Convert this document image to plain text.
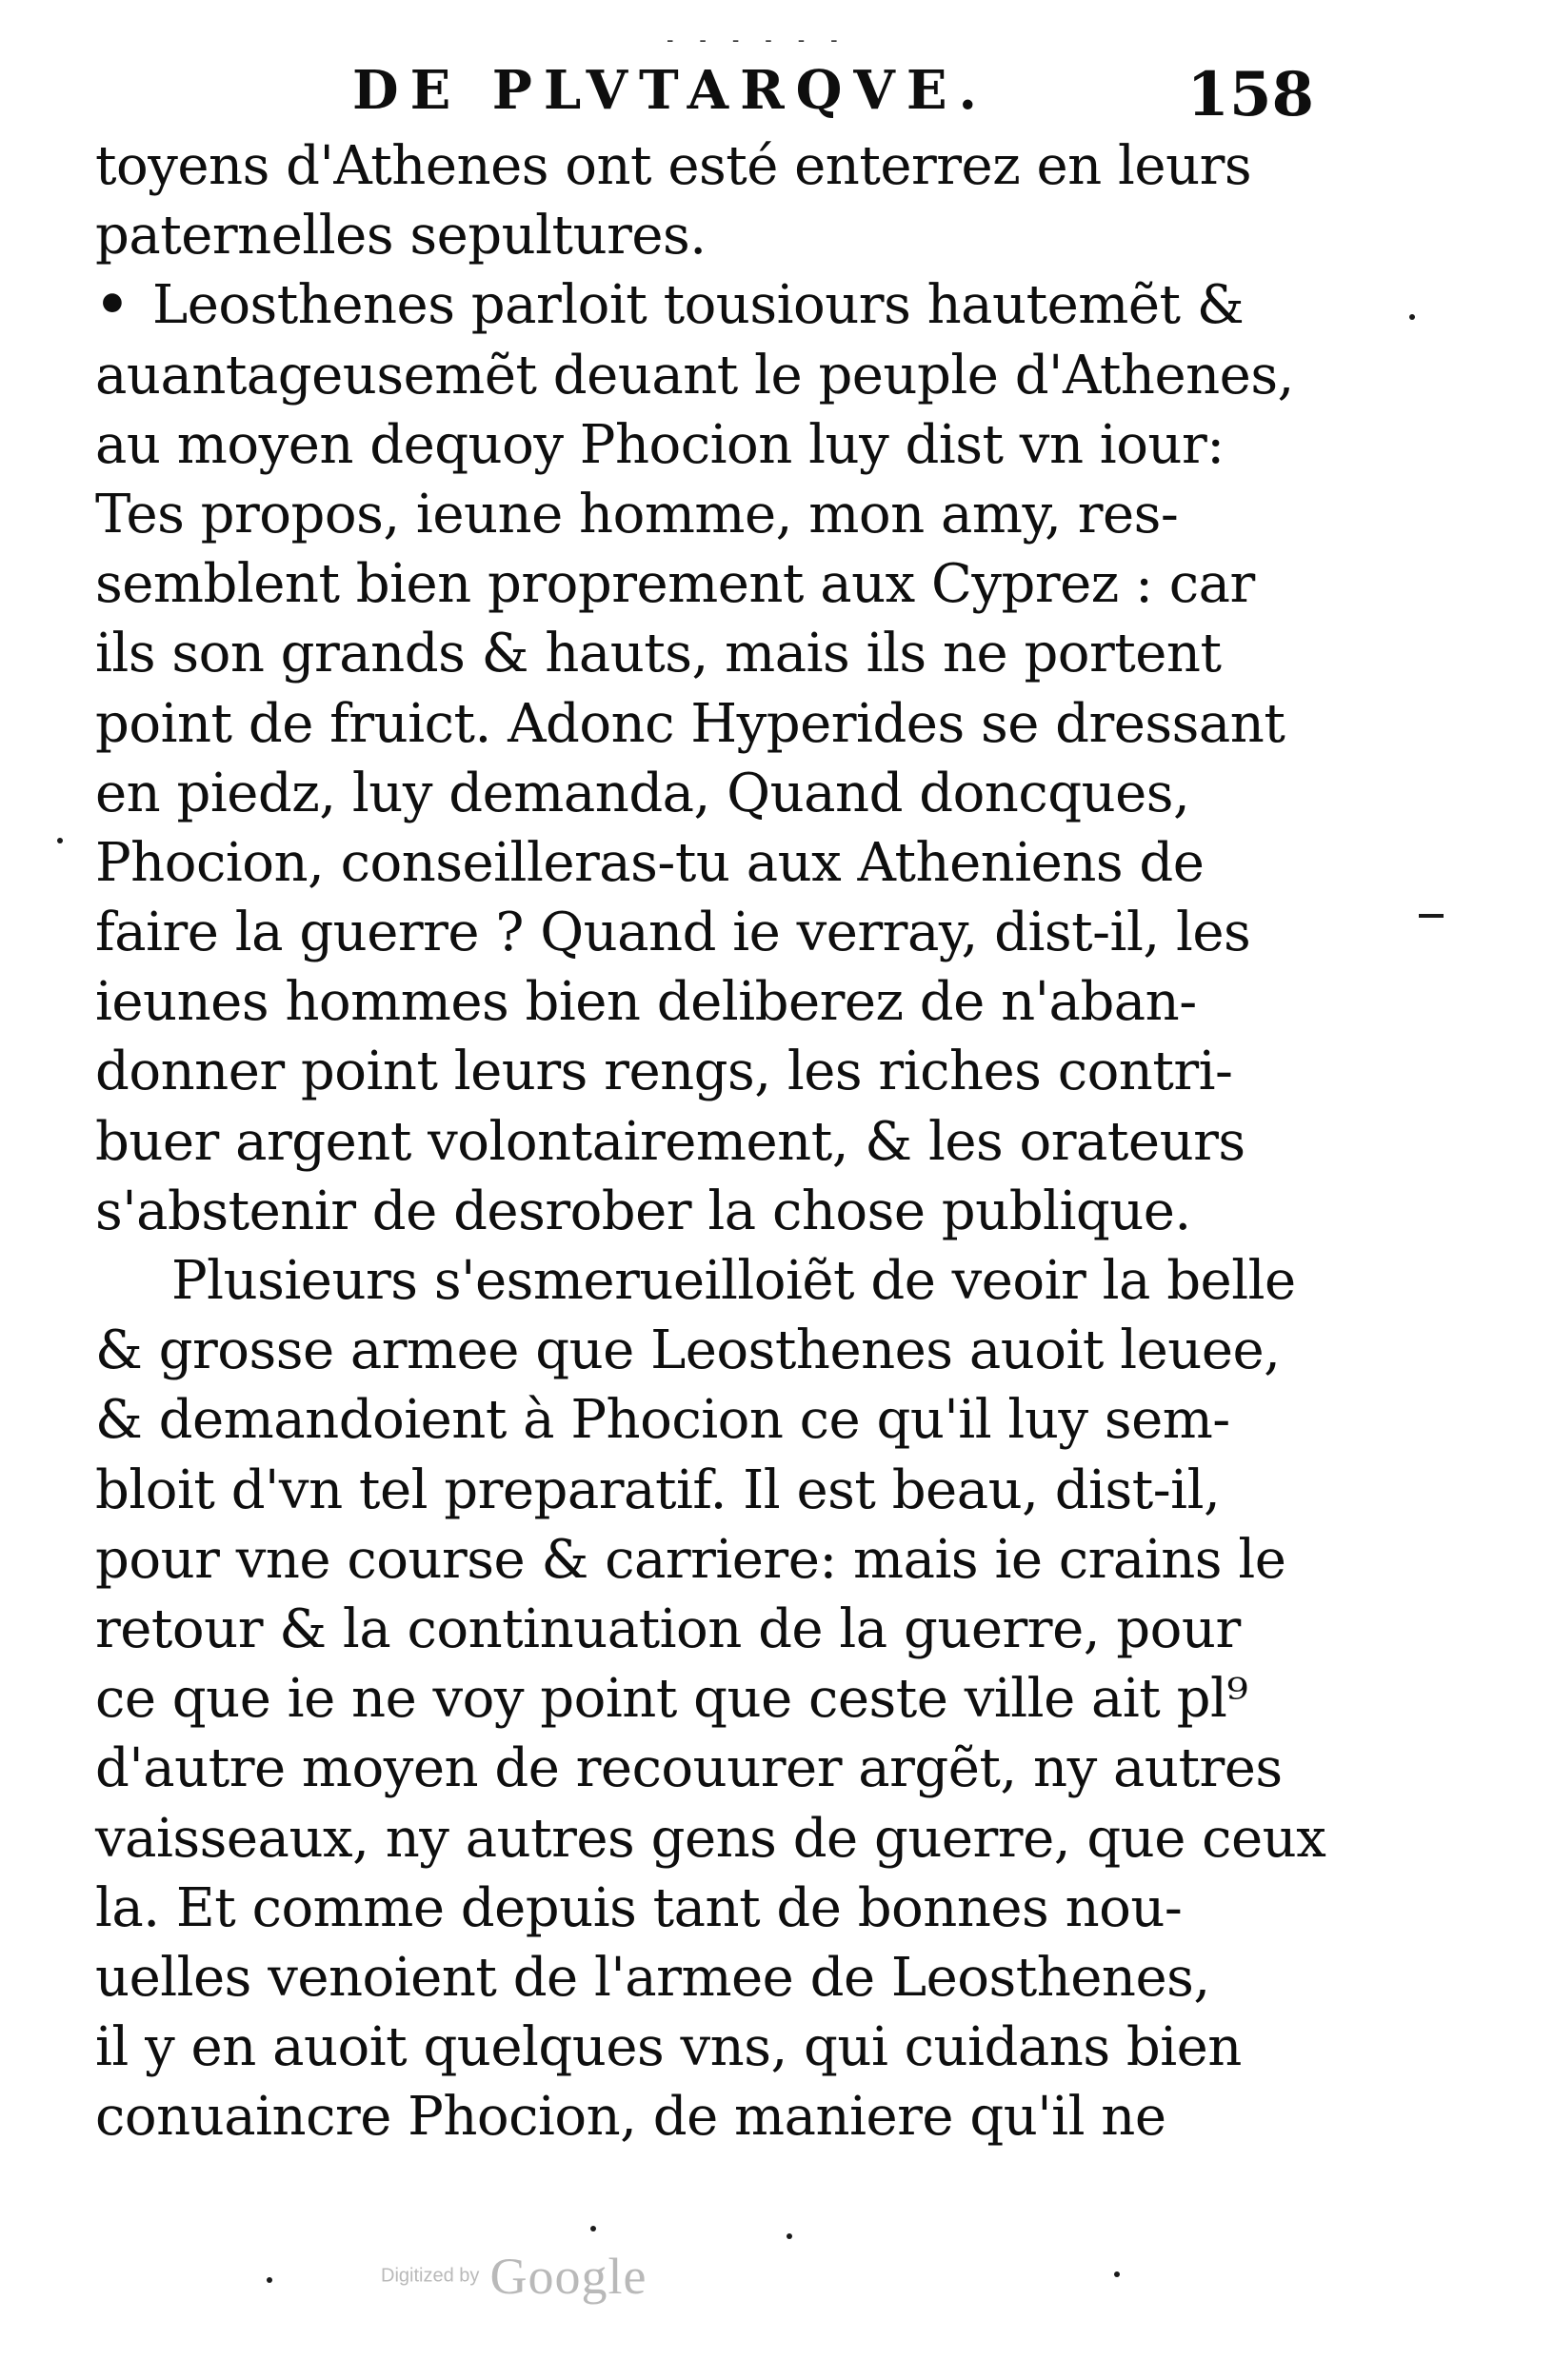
- - - - - -
DE PLVTARQVE.	158
toyens d'Athenes ont esté enterrez en leurs
paternelles sepultures.
• Leosthenes parloit tousiours hautemẽt &
auantageusemẽt deuant le peuple d'Athenes,
au moyen dequoy Phocion luy dist vn iour:
Tes propos, ieune homme, mon amy, res-
semblent bien proprement aux Cyprez : car
ils son grands & hauts, mais ils ne portent
point de fruict. Adonc Hyperides se dressant
en piedz, luy demanda, Quand doncques,
Phocion, conseilleras-tu aux Atheniens de
faire la guerre ? Quand ie verray, dist-il, les
ieunes hommes bien deliberez de n'aban-
donner point leurs rengs, les riches contri-
buer argent volontairement, & les orateurs
s'abstenir de desrober la chose publique.
Plusieurs s'esmerueilloiẽt de veoir la belle
& grosse armee que Leosthenes auoit leuee,
& demandoient à Phocion ce qu'il luy sem-
bloit d'vn tel preparatif. Il est beau, dist-il,
pour vne course & carriere: mais ie crains le
retour & la continuation de la guerre, pour
ce que ie ne voy point que ceste ville ait pl⁹
d'autre moyen de recouurer argẽt, ny autres
vaisseaux, ny autres gens de guerre, que ceux
la. Et comme depuis tant de bonnes nou-
uelles venoient de l'armee de Leosthenes,
il y en auoit quelques vns, qui cuidans bien
conuaincre Phocion, de maniere qu'il ne
Digitized by Google
